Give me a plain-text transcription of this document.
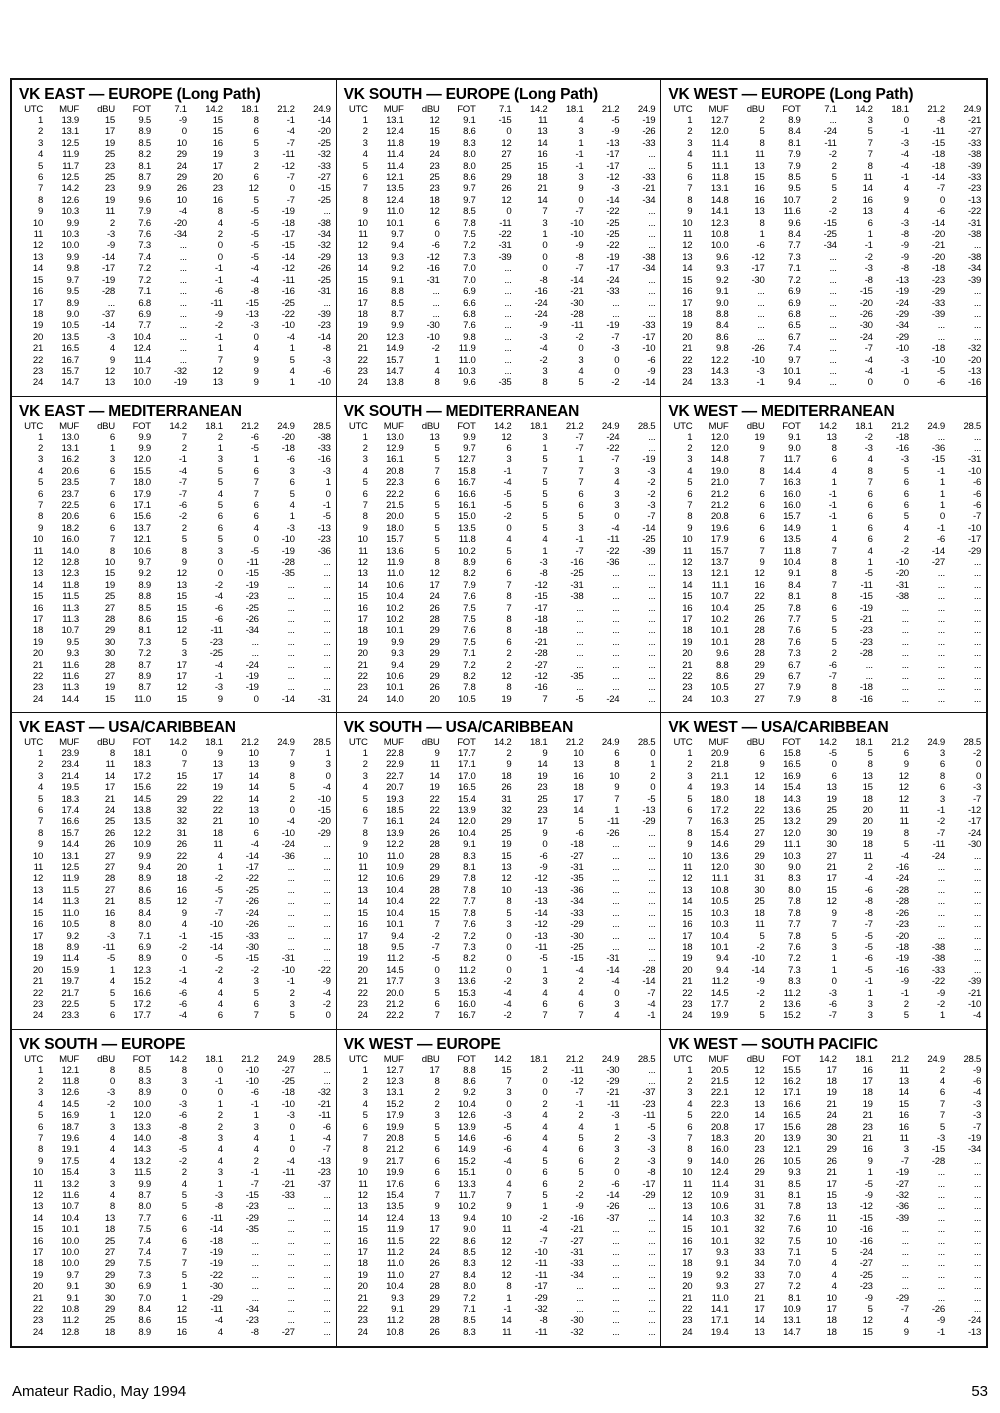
VK EAST — EUROPE (Long Path)
UTC	MUF	dBU	FOT	7.1	14.2	18.1	21.2	24.9
1	13.9	15	9.5	-9	15	8	-1	-14
2	13.1	17	8.9	0	15	6	-4	-20
3	12.5	19	8.5	10	16	5	-7	-25
4	11.9	25	8.2	29	19	3	-11	-32
5	11.7	23	8.1	24	17	2	-12	-33
6	12.5	25	8.7	29	20	6	-7	-27
7	14.2	23	9.9	26	23	12	0	-15
8	12.6	19	9.6	10	16	5	-7	-25
9	10.3	11	7.9	-4	8	-5	-19	...
10	9.9	2	7.6	-20	4	-5	-18	-38
11	10.3	-3	7.6	-34	2	-5	-17	-34
12	10.0	-9	7.3	...	0	-5	-15	-32
13	9.9	-14	7.4	...	0	-5	-14	-29
14	9.8	-17	7.2	...	-1	-4	-12	-26
15	9.7	-19	7.2	...	-1	-4	-11	-25
16	9.5	-28	7.1	...	-6	-8	-16	-31
17	8.9	...	6.8	...	-11	-15	-25	...
18	9.0	-37	6.9	...	-9	-13	-22	-39
19	10.5	-14	7.7	...	-2	-3	-10	-23
20	13.5	-3	10.4	...	-1	0	-4	-14
21	16.5	4	12.4	...	1	4	1	-8
22	16.7	9	11.4	...	7	9	5	-3
23	15.7	12	10.7	-32	12	9	4	-6
24	14.7	13	10.0	-19	13	9	1	-10
VK SOUTH — EUROPE (Long Path)
UTC	MUF	dBU	FOT	7.1	14.2	18.1	21.2	24.9
1	13.1	12	9.1	-15	11	4	-5	-19
2	12.4	15	8.6	0	13	3	-9	-26
3	11.8	19	8.3	12	14	1	-13	-33
4	11.4	24	8.0	27	16	-1	-17	...
5	11.4	23	8.0	25	15	-1	-17	...
6	12.1	25	8.6	29	18	3	-12	-33
7	13.5	23	9.7	26	21	9	-3	-21
8	12.4	18	9.7	12	14	0	-14	-34
9	11.0	12	8.5	0	7	-7	-22	...
10	10.1	6	7.8	-11	3	-10	-25	...
11	9.7	0	7.5	-22	1	-10	-25	...
12	9.4	-6	7.2	-31	0	-9	-22	...
13	9.3	-12	7.3	-39	0	-8	-19	-38
14	9.2	-16	7.0	...	0	-7	-17	-34
15	9.1	-31	7.0	...	-8	-14	-24	...
16	8.8	...	6.9	...	-16	-21	-33	...
17	8.5	...	6.6	...	-24	-30	...	...
18	8.7	...	6.8	...	-24	-28	...	...
19	9.9	-30	7.6	...	-9	-11	-19	-33
20	12.3	-10	9.8	...	-3	-2	-7	-17
21	14.9	-2	11.9	...	-4	0	-3	-10
22	15.7	1	11.0	...	-2	3	0	-6
23	14.7	4	10.3	...	3	4	0	-9
24	13.8	8	9.6	-35	8	5	-2	-14
VK WEST — EUROPE (Long Path)
UTC	MUF	dBU	FOT	7.1	14.2	18.1	21.2	24.9
1	12.7	2	8.9	...	3	0	-8	-21
2	12.0	5	8.4	-24	5	-1	-11	-27
3	11.4	8	8.1	-11	7	-3	-15	-33
4	11.1	11	7.9	-2	7	-4	-18	-38
5	11.1	13	7.9	2	8	-4	-18	-39
6	11.8	15	8.5	5	11	-1	-14	-33
7	13.1	16	9.5	5	14	4	-7	-23
8	14.8	16	10.7	2	16	9	0	-13
9	14.1	13	11.6	-2	13	4	-6	-22
10	12.3	8	9.6	-15	6	-3	-14	-31
11	10.8	1	8.4	-25	1	-8	-20	-38
12	10.0	-6	7.7	-34	-1	-9	-21	...
13	9.6	-12	7.3	...	-2	-9	-20	-38
14	9.3	-17	7.1	...	-3	-8	-18	-34
15	9.2	-30	7.2	...	-8	-13	-23	-39
16	9.1	...	6.9	...	-15	-19	-29	...
17	9.0	...	6.9	...	-20	-24	-33	...
18	8.8	...	6.8	...	-26	-29	-39	...
19	8.4	...	6.5	...	-30	-34	...	...
20	8.6	...	6.7	...	-24	-29	...	...
21	9.8	-26	7.4	...	-7	-10	-18	-32
22	12.2	-10	9.7	...	-4	-3	-10	-20
23	14.3	-3	10.1	...	-4	-1	-5	-13
24	13.3	-1	9.4	...	0	0	-6	-16
VK EAST — MEDITERRANEAN
UTC	MUF	dBU	FOT	14.2	18.1	21.2	24.9	28.5
1	13.0	6	9.9	7	2	-6	-20	-38
2	13.1	1	9.9	2	1	-5	-18	-33
3	16.2	3	12.0	-1	3	1	-6	-16
4	20.6	6	15.5	-4	5	6	3	-3
5	23.5	7	18.0	-7	5	7	6	1
6	23.7	6	17.9	-7	4	7	5	0
7	22.5	6	17.1	-6	5	6	4	-1
8	20.6	6	15.6	-2	6	6	1	-5
9	18.2	6	13.7	2	6	4	-3	-13
10	16.0	7	12.1	5	5	0	-10	-23
11	14.0	8	10.6	8	3	-5	-19	-36
12	12.8	10	9.7	9	0	-11	-28	...
13	12.3	15	9.2	12	0	-15	-35	...
14	11.8	19	8.9	13	-2	-19	...	...
15	11.5	25	8.8	15	-4	-23	...	...
16	11.3	27	8.5	15	-6	-25	...	...
17	11.3	28	8.6	15	-6	-26	...	...
18	10.7	29	8.1	12	-11	-34	...	...
19	9.5	30	7.3	5	-23	...	...	...
20	9.3	30	7.2	3	-25	...	...	...
21	11.6	28	8.7	17	-4	-24	...	...
22	11.6	27	8.9	17	-1	-19	...	...
23	11.3	19	8.7	12	-3	-19	...	...
24	14.4	15	11.0	15	9	0	-14	-31
VK SOUTH — MEDITERRANEAN
UTC	MUF	dBU	FOT	14.2	18.1	21.2	24.9	28.5
1	13.0	13	9.9	12	3	-7	-24	...
2	12.9	5	9.7	6	1	-7	-22	...
3	16.1	5	12.7	3	5	1	-7	-19
4	20.8	7	15.8	-1	7	7	3	-3
5	22.3	6	16.7	-4	5	7	4	-2
6	22.2	6	16.6	-5	5	6	3	-2
7	21.5	5	16.1	-5	5	6	3	-3
8	20.0	5	15.0	-2	5	5	0	-7
9	18.0	5	13.5	0	5	3	-4	-14
10	15.7	5	11.8	4	4	-1	-11	-25
11	13.6	5	10.2	5	1	-7	-22	-39
12	11.9	8	8.9	6	-3	-16	-36	...
13	11.0	12	8.2	6	-8	-25	...	...
14	10.6	17	7.9	7	-12	-31	...	...
15	10.4	24	7.6	8	-15	-38	...	...
16	10.2	26	7.5	7	-17	...	...	...
17	10.2	28	7.5	8	-18	...	...	...
18	10.1	29	7.6	8	-18	...	...	...
19	9.9	29	7.5	6	-21	...	...	...
20	9.3	29	7.1	2	-28	...	...	...
21	9.4	29	7.2	2	-27	...	...	...
22	10.6	29	8.2	12	-12	-35	...	...
23	10.1	26	7.8	8	-16	...	...	...
24	14.0	20	10.5	19	7	-5	-24	...
VK WEST — MEDITERRANEAN
UTC	MUF	dBU	FOT	14.2	18.1	21.2	24.9	28.5
1	12.0	19	9.1	13	-2	-18	...	...
2	12.0	9	9.0	8	-3	-16	-36	...
3	14.8	7	11.7	6	4	-3	-15	-31
4	19.0	8	14.4	4	8	5	-1	-10
5	21.0	7	16.3	1	7	6	1	-6
6	21.2	6	16.0	-1	6	6	1	-6
7	21.2	6	16.0	-1	6	6	1	-6
8	20.8	6	15.7	-1	6	5	0	-7
9	19.6	6	14.9	1	6	4	-1	-10
10	17.9	6	13.5	4	6	2	-6	-17
11	15.7	7	11.8	7	4	-2	-14	-29
12	13.7	9	10.4	8	1	-10	-27	...
13	12.1	12	9.1	8	-5	-20	...	...
14	11.1	16	8.4	7	-11	-31	...	...
15	10.7	22	8.1	8	-15	-38	...	...
16	10.4	25	7.8	6	-19	...	...	...
17	10.2	26	7.7	5	-21	...	...	...
18	10.1	28	7.6	5	-23	...	...	...
19	10.1	28	7.6	5	-23	...	...	...
20	9.6	28	7.3	2	-28	...	...	...
21	8.8	29	6.7	-6	...	...	...	...
22	8.6	29	6.7	-7	...	...	...	...
23	10.5	27	7.9	8	-18	...	...	...
24	10.3	27	7.9	8	-16	...	...	...
VK EAST — USA/CARIBBEAN
UTC	MUF	dBU	FOT	14.2	18.1	21.2	24.9	28.5
1	23.9	8	18.1	0	9	10	7	1
2	23.4	11	18.3	7	13	13	9	3
3	21.4	14	17.2	15	17	14	8	0
4	19.5	17	15.6	22	19	14	5	-4
5	18.3	21	14.5	29	22	14	2	-10
6	17.4	24	13.8	32	22	13	0	-15
7	16.6	25	13.5	32	21	10	-4	-20
8	15.7	26	12.2	31	18	6	-10	-29
9	14.4	26	10.9	26	11	-4	-24	...
10	13.1	27	9.9	22	4	-14	-36	...
11	12.5	27	9.4	20	1	-17	...	...
12	11.9	28	8.9	18	-2	-22	...	...
13	11.5	27	8.6	16	-5	-25	...	...
14	11.3	21	8.5	12	-7	-26	...	...
15	11.0	16	8.4	9	-7	-24	...	...
16	10.5	8	8.0	4	-10	-26	...	...
17	9.2	-3	7.1	-1	-15	-33	...	...
18	8.9	-11	6.9	-2	-14	-30	...	...
19	11.4	-5	8.9	0	-5	-15	-31	...
20	15.9	1	12.3	-1	-2	-2	-10	-22
21	19.7	4	15.2	-4	4	3	-1	-9
22	21.7	5	16.6	-6	4	5	2	-4
23	22.5	5	17.2	-6	4	6	3	-2
24	23.3	6	17.7	-4	6	7	5	0
VK SOUTH — USA/CARIBBEAN
UTC	MUF	dBU	FOT	14.2	18.1	21.2	24.9	28.5
1	22.8	9	17.7	2	9	10	6	0
2	22.9	11	17.1	9	14	13	8	1
3	22.7	14	17.0	18	19	16	10	2
4	20.7	19	16.5	26	23	18	9	0
5	19.3	22	15.4	31	25	17	7	-5
6	18.5	22	13.9	32	23	14	1	-13
7	16.1	24	12.0	29	17	5	-11	-29
8	13.9	26	10.4	25	9	-6	-26	...
9	12.2	28	9.1	19	0	-18	...	...
10	11.0	28	8.3	15	-6	-27	...	...
11	10.9	29	8.1	13	-9	-31	...	...
12	10.6	29	7.8	12	-12	-35	...	...
13	10.4	28	7.8	10	-13	-36	...	...
14	10.4	22	7.7	8	-13	-34	...	...
15	10.4	15	7.8	5	-14	-33	...	...
16	10.1	7	7.6	3	-12	-29	...	...
17	9.4	-2	7.2	0	-13	-30	...	...
18	9.5	-7	7.3	0	-11	-25	...	...
19	11.2	-5	8.2	0	-5	-15	-31	...
20	14.5	0	11.2	0	1	-4	-14	-28
21	17.7	3	13.6	-2	3	2	-4	-14
22	20.0	5	15.3	-4	4	4	0	-7
23	21.2	6	16.0	-4	6	6	3	-4
24	22.2	7	16.7	-2	7	7	4	-1
VK WEST — USA/CARIBBEAN
UTC	MUF	dBU	FOT	14.2	18.1	21.2	24.9	28.5
1	20.9	6	15.8	-5	5	6	3	-2
2	21.8	9	16.5	0	8	9	6	0
3	21.1	12	16.9	6	13	12	8	0
4	19.3	14	15.4	13	15	12	6	-3
5	18.0	18	14.3	19	18	12	3	-7
6	17.2	22	13.6	25	20	11	-1	-12
7	16.3	25	13.2	29	20	11	-2	-17
8	15.4	27	12.0	30	19	8	-7	-24
9	14.6	29	11.1	30	18	5	-11	-30
10	13.6	29	10.3	27	11	-4	-24	...
11	12.0	30	9.0	21	2	-16	...	...
12	11.1	31	8.3	17	-4	-24	...	...
13	10.8	30	8.0	15	-6	-28	...	...
14	10.5	25	7.8	12	-8	-28	...	...
15	10.3	18	7.8	9	-8	-26	...	...
16	10.3	11	7.7	7	-7	-23	...	...
17	10.4	5	7.8	5	-5	-20	...	...
18	10.1	-2	7.6	3	-5	-18	-38	...
19	9.4	-10	7.2	1	-6	-19	-38	...
20	9.4	-14	7.3	1	-5	-16	-33	...
21	11.2	-9	8.3	0	-1	-9	-22	-39
22	14.5	-2	11.2	-3	1	-1	-9	-21
23	17.7	2	13.6	-6	3	2	-2	-10
24	19.9	5	15.2	-7	3	5	1	-4
VK SOUTH — EUROPE
UTC	MUF	dBU	FOT	14.2	18.1	21.2	24.9	28.5
1	12.1	8	8.5	8	0	-10	-27	...
2	11.8	0	8.3	3	-1	-10	-25	...
3	12.6	-3	8.9	0	0	-6	-18	-32
4	14.5	-2	10.0	-3	1	-1	-10	-21
5	16.9	1	12.0	-6	2	1	-3	-11
6	18.7	3	13.3	-8	2	3	0	-6
7	19.6	4	14.0	-8	3	4	1	-4
8	19.1	4	14.3	-5	4	4	0	-7
9	17.5	4	13.2	-2	4	2	-4	-13
10	15.4	3	11.5	2	3	-1	-11	-23
11	13.2	3	9.9	4	1	-7	-21	-37
12	11.6	4	8.7	5	-3	-15	-33	...
13	10.7	8	8.0	5	-8	-23	...	...
14	10.4	13	7.7	6	-11	-29	...	...
15	10.1	18	7.5	6	-14	-35	...	...
16	10.0	25	7.4	6	-18	...	...	...
17	10.0	27	7.4	7	-19	...	...	...
18	10.0	29	7.5	7	-19	...	...	...
19	9.7	29	7.3	5	-22	...	...	...
20	9.1	30	6.9	1	-30	...	...	...
21	9.1	30	7.0	1	-29	...	...	...
22	10.8	29	8.4	12	-11	-34	...	...
23	11.2	25	8.6	15	-4	-23	...	...
24	12.8	18	8.9	16	4	-8	-27	...
VK WEST — EUROPE
UTC	MUF	dBU	FOT	14.2	18.1	21.2	24.9	28.5
1	12.7	17	8.8	15	2	-11	-30	...
2	12.3	8	8.6	7	0	-12	-29	...
3	13.1	2	9.2	3	0	-7	-21	-37
4	15.2	2	10.4	0	2	-1	-11	-23
5	17.9	3	12.6	-3	4	2	-3	-11
6	19.9	5	13.9	-5	4	4	1	-5
7	20.8	5	14.6	-6	4	5	2	-3
8	21.2	6	14.9	-6	4	6	3	-3
9	21.7	6	15.2	-4	5	6	2	-3
10	19.9	6	15.1	0	6	5	0	-8
11	17.6	6	13.3	4	6	2	-6	-17
12	15.4	7	11.7	7	5	-2	-14	-29
13	13.5	9	10.2	9	1	-9	-26	...
14	12.4	13	9.4	10	-2	-16	-37	...
15	11.9	17	9.0	11	-4	-21	...	...
16	11.5	22	8.6	12	-7	-27	...	...
17	11.2	24	8.5	12	-10	-31	...	...
18	11.0	26	8.3	12	-11	-33	...	...
19	11.0	27	8.4	12	-11	-34	...	...
20	10.4	28	8.0	8	-17	...	...	...
21	9.3	29	7.2	1	-29	...	...	...
22	9.1	29	7.1	-1	-32	...	...	...
23	11.2	28	8.5	14	-8	-30	...	...
24	10.8	26	8.3	11	-11	-32	...	...
VK WEST — SOUTH PACIFIC
UTC	MUF	dBU	FOT	14.2	18.1	21.2	24.9	28.5
1	20.5	12	15.5	17	16	11	2	-9
2	21.5	12	16.2	18	17	13	4	-6
3	22.1	12	17.1	19	18	14	6	-4
4	22.3	13	16.6	21	19	15	7	-3
5	22.0	14	16.5	24	21	16	7	-3
6	20.8	17	15.6	28	23	16	5	-7
7	18.3	20	13.9	30	21	11	-3	-19
8	16.0	23	12.1	29	16	3	-15	-34
9	14.0	26	10.5	26	9	-7	-28	...
10	12.4	29	9.3	21	1	-19	...	...
11	11.4	31	8.5	17	-5	-27	...	...
12	10.9	31	8.1	15	-9	-32	...	...
13	10.6	31	7.8	13	-12	-36	...	...
14	10.3	32	7.6	11	-15	-39	...	...
15	10.1	32	7.6	10	-16	...	...	...
16	10.1	32	7.5	10	-16	...	...	...
17	9.3	33	7.1	5	-24	...	...	...
18	9.1	34	7.0	4	-27	...	...	...
19	9.2	33	7.0	4	-25	...	...	...
20	9.3	27	7.2	4	-23	...	...	...
21	11.0	21	8.1	10	-9	-29	...	...
22	14.1	17	10.9	17	5	-7	-26	...
23	17.1	14	13.1	18	12	4	-9	-24
24	19.4	13	14.7	18	15	9	-1	-13
Amateur Radio, May 1994	53
